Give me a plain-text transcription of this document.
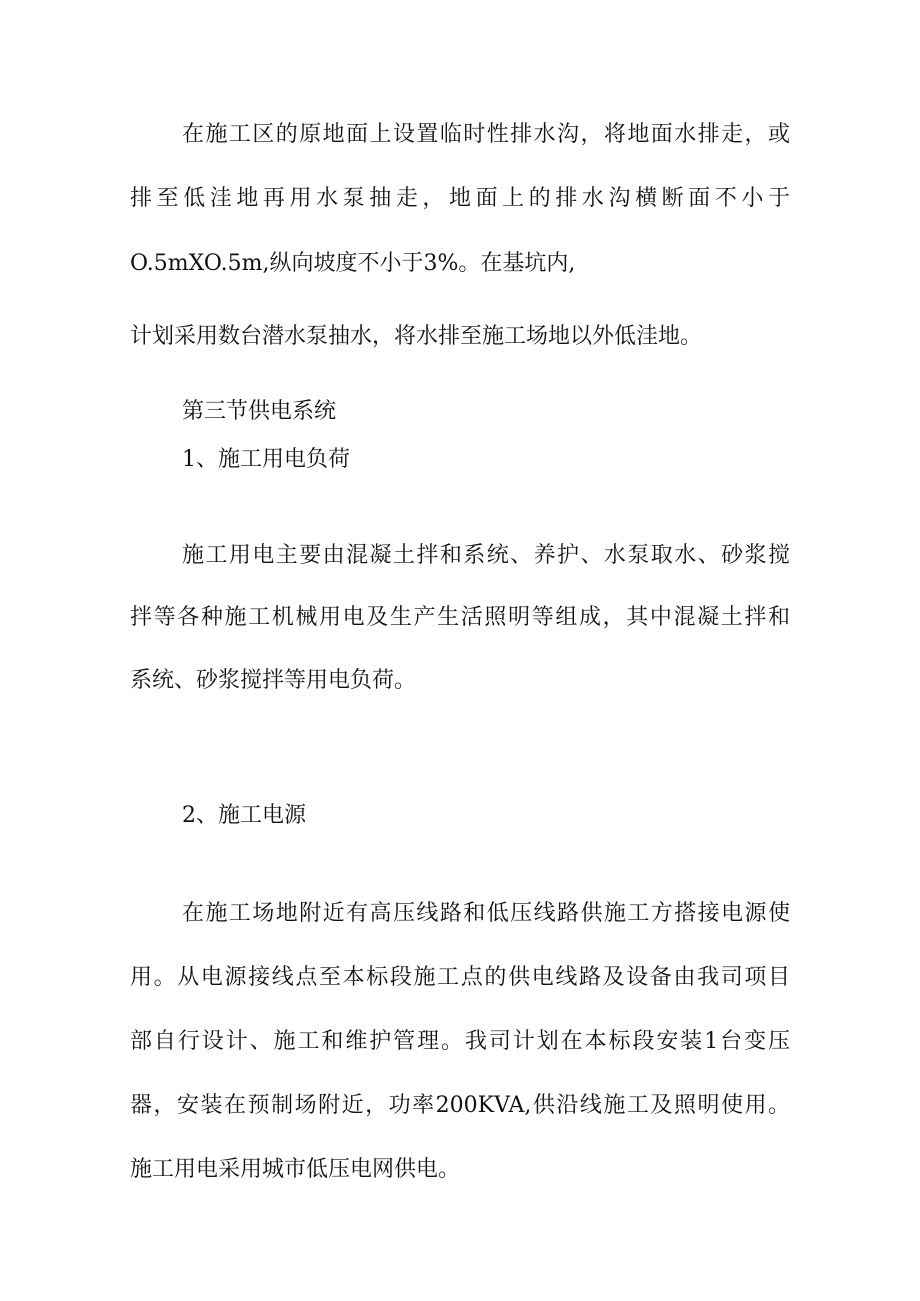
在施工区的原地面上设置临时性排水沟，将地面水排走，或
排至低洼地再用水泵抽走，地面上的排水沟横断面不小于
O.5mXO.5m,纵向坡度不小于3%。在基坑内,
计划采用数台潜水泵抽水，将水排至施工场地以外低洼地。
第三节供电系统
1、施工用电负荷
施工用电主要由混凝土拌和系统、养护、水泵取水、砂浆搅
拌等各种施工机械用电及生产生活照明等组成，其中混凝土拌和
系统、砂浆搅拌等用电负荷。
2、施工电源
在施工场地附近有高压线路和低压线路供施工方搭接电源使
用。从电源接线点至本标段施工点的供电线路及设备由我司项目
部自行设计、施工和维护管理。我司计划在本标段安装1台变压
器，安装在预制场附近，功率200KVA,供沿线施工及照明使用。
施工用电采用城市低压电网供电。
